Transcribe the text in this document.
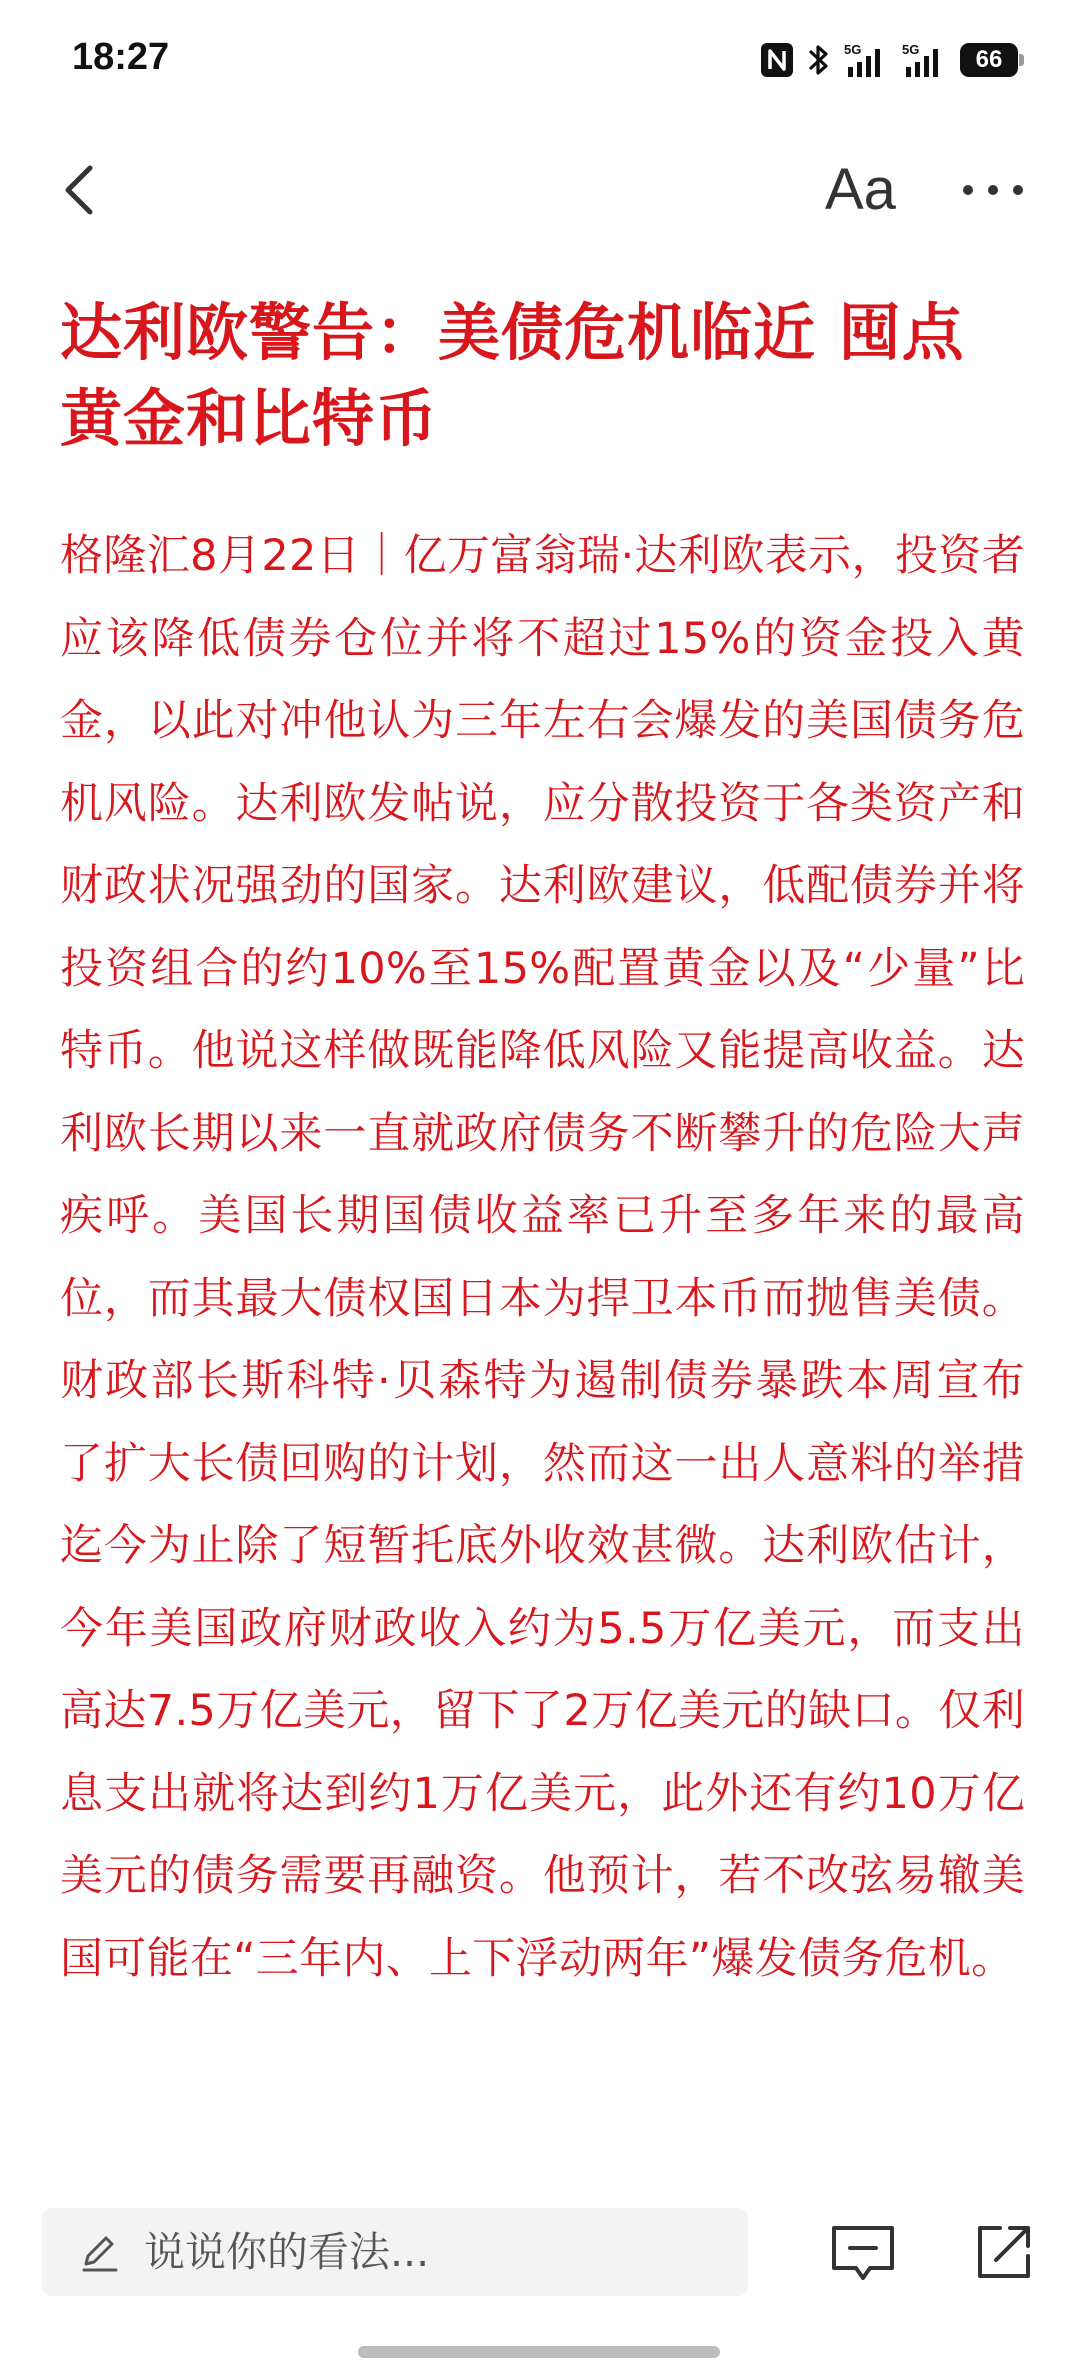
18:27	5G	5G	66
Aa
达利欧警告：美债危机临近 囤点黄金和比特币

格隆汇8月22日｜亿万富翁瑞·达利欧表示，投资者应该降低债券仓位并将不超过15%的资金投入黄金，以此对冲他认为三年左右会爆发的美国债务危机风险。达利欧发帖说，应分散投资于各类资产和财政状况强劲的国家。达利欧建议，低配债券并将投资组合的约10%至15%配置黄金以及“少量”比特币。他说这样做既能降低风险又能提高收益。达利欧长期以来一直就政府债务不断攀升的危险大声疾呼。美国长期国债收益率已升至多年来的最高位，而其最大债权国日本为捍卫本币而抛售美债。财政部长斯科特·贝森特为遏制债券暴跌本周宣布了扩大长债回购的计划，然而这一出人意料的举措迄今为止除了短暂托底外收效甚微。达利欧估计，今年美国政府财政收入约为5.5万亿美元，而支出高达7.5万亿美元，留下了2万亿美元的缺口。仅利息支出就将达到约1万亿美元，此外还有约10万亿美元的债务需要再融资。他预计，若不改弦易辙美国可能在“三年内、上下浮动两年”爆发债务危机。

说说你的看法...
